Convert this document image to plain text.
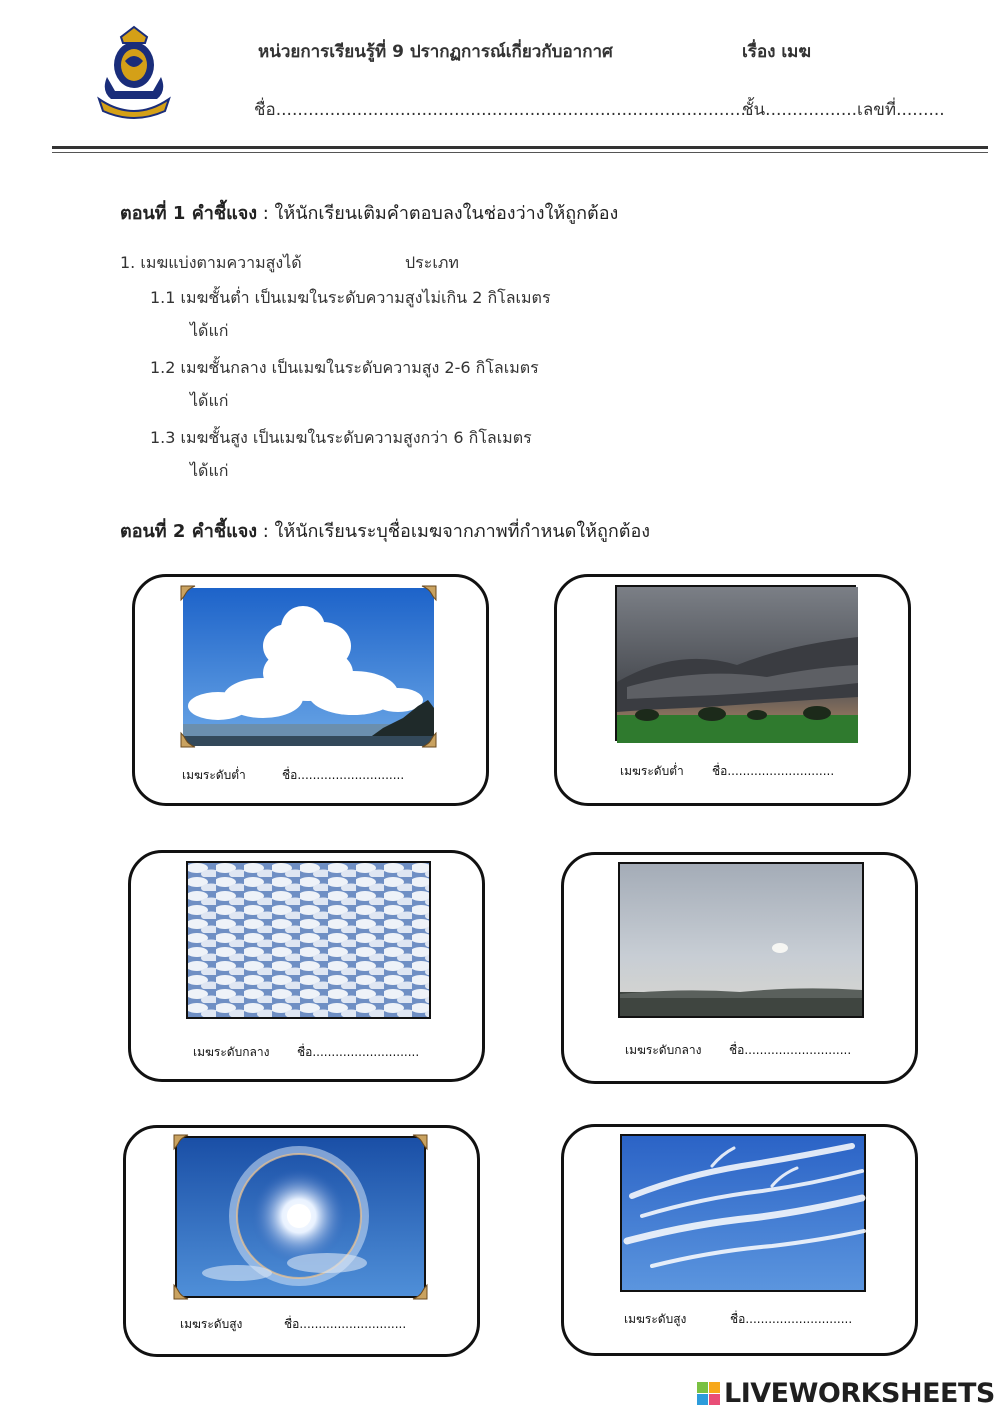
หน่วยการเรียนรู้ที่ 9 ปรากฏการณ์เกี่ยวกับอากาศ	เรื่อง เมฆ
ชื่อ.......................................................................................
ชั้น.................เลขที่.........
ตอนที่ 1 คำชี้แจง : ให้นักเรียนเติมคำตอบลงในช่องว่างให้ถูกต้อง
1. เมฆแบ่งตามความสูงได้	ประเภท
1.1 เมฆชั้นต่ำ เป็นเมฆในระดับความสูงไม่เกิน 2 กิโลเมตร
ได้แก่
1.2 เมฆชั้นกลาง เป็นเมฆในระดับความสูง 2-6 กิโลเมตร
ได้แก่
1.3 เมฆชั้นสูง เป็นเมฆในระดับความสูงกว่า 6 กิโลเมตร
ได้แก่
ตอนที่ 2 คำชี้แจง : ให้นักเรียนระบุชื่อเมฆจากภาพที่กำหนดให้ถูกต้อง
เมฆระดับต่ำ	ชื่อ............................	เมฆระดับต่ำ ชื่อ............................
เมฆระดับกลาง ชื่อ............................	เมฆระดับกลาง ชื่อ............................
เมฆระดับสูง	ชื่อ............................	เมฆระดับสูง	ชื่อ............................
LIVEWORKSHEETS
